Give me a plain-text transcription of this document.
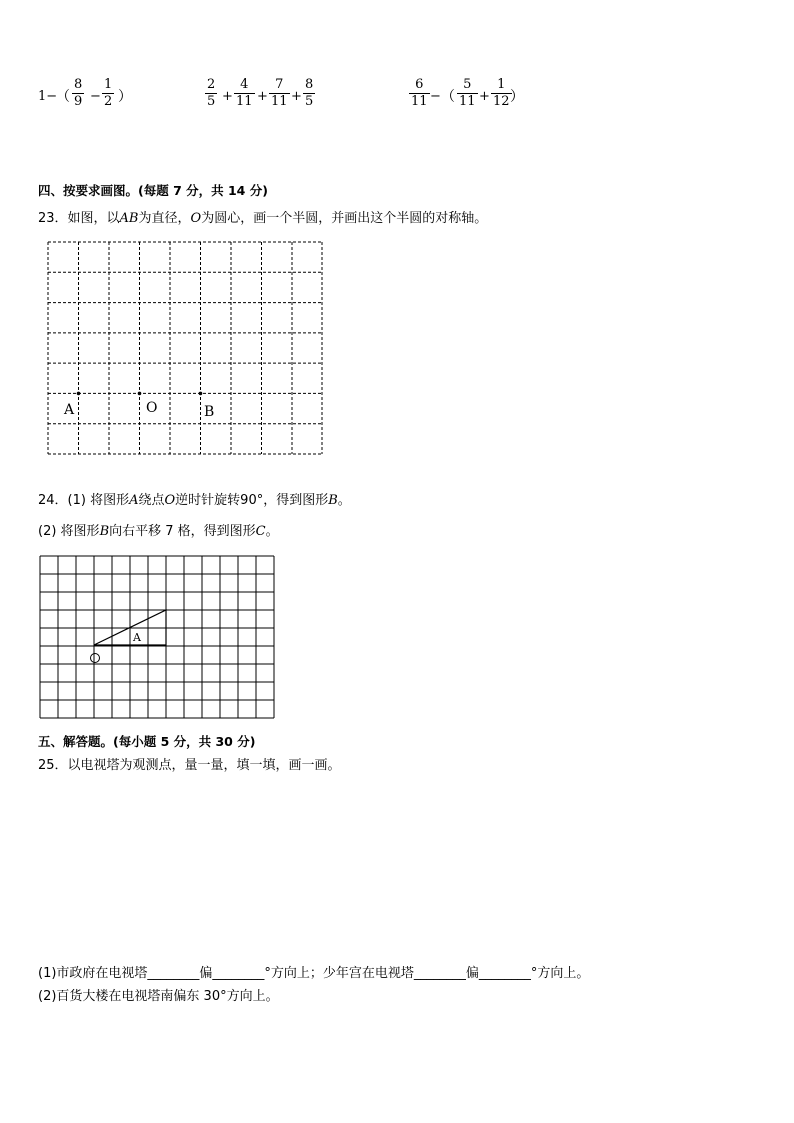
1−
（ $\frac{8}{9} - \frac{1}{2}$ ）	$\frac{2}{5} + \frac{4}{11} + \frac{7}{11} + \frac{8}{5}$	$\frac{6}{11}$ − （ $\frac{5}{11} + \frac{1}{12}$
）
四、按要求画图。(每题 7 分，共 14 分)
23．如图，以AB为直径，O为圆心，画一个半圆，并画出这个半圆的对称轴。
A	O	B
24．(1) 将图形A绕点O逆时针旋转90°，得到图形B。
(2) 将图形B向右平移 7 格，得到图形C。
A
五、解答题。(每小题 5 分，共 30 分)
25．以电视塔为观测点，量一量，填一填，画一画。
(1)市政府在电视塔________偏________°方向上；少年宫在电视塔________偏________°方向上。
(2)百货大楼在电视塔南偏东 30°方向上。
